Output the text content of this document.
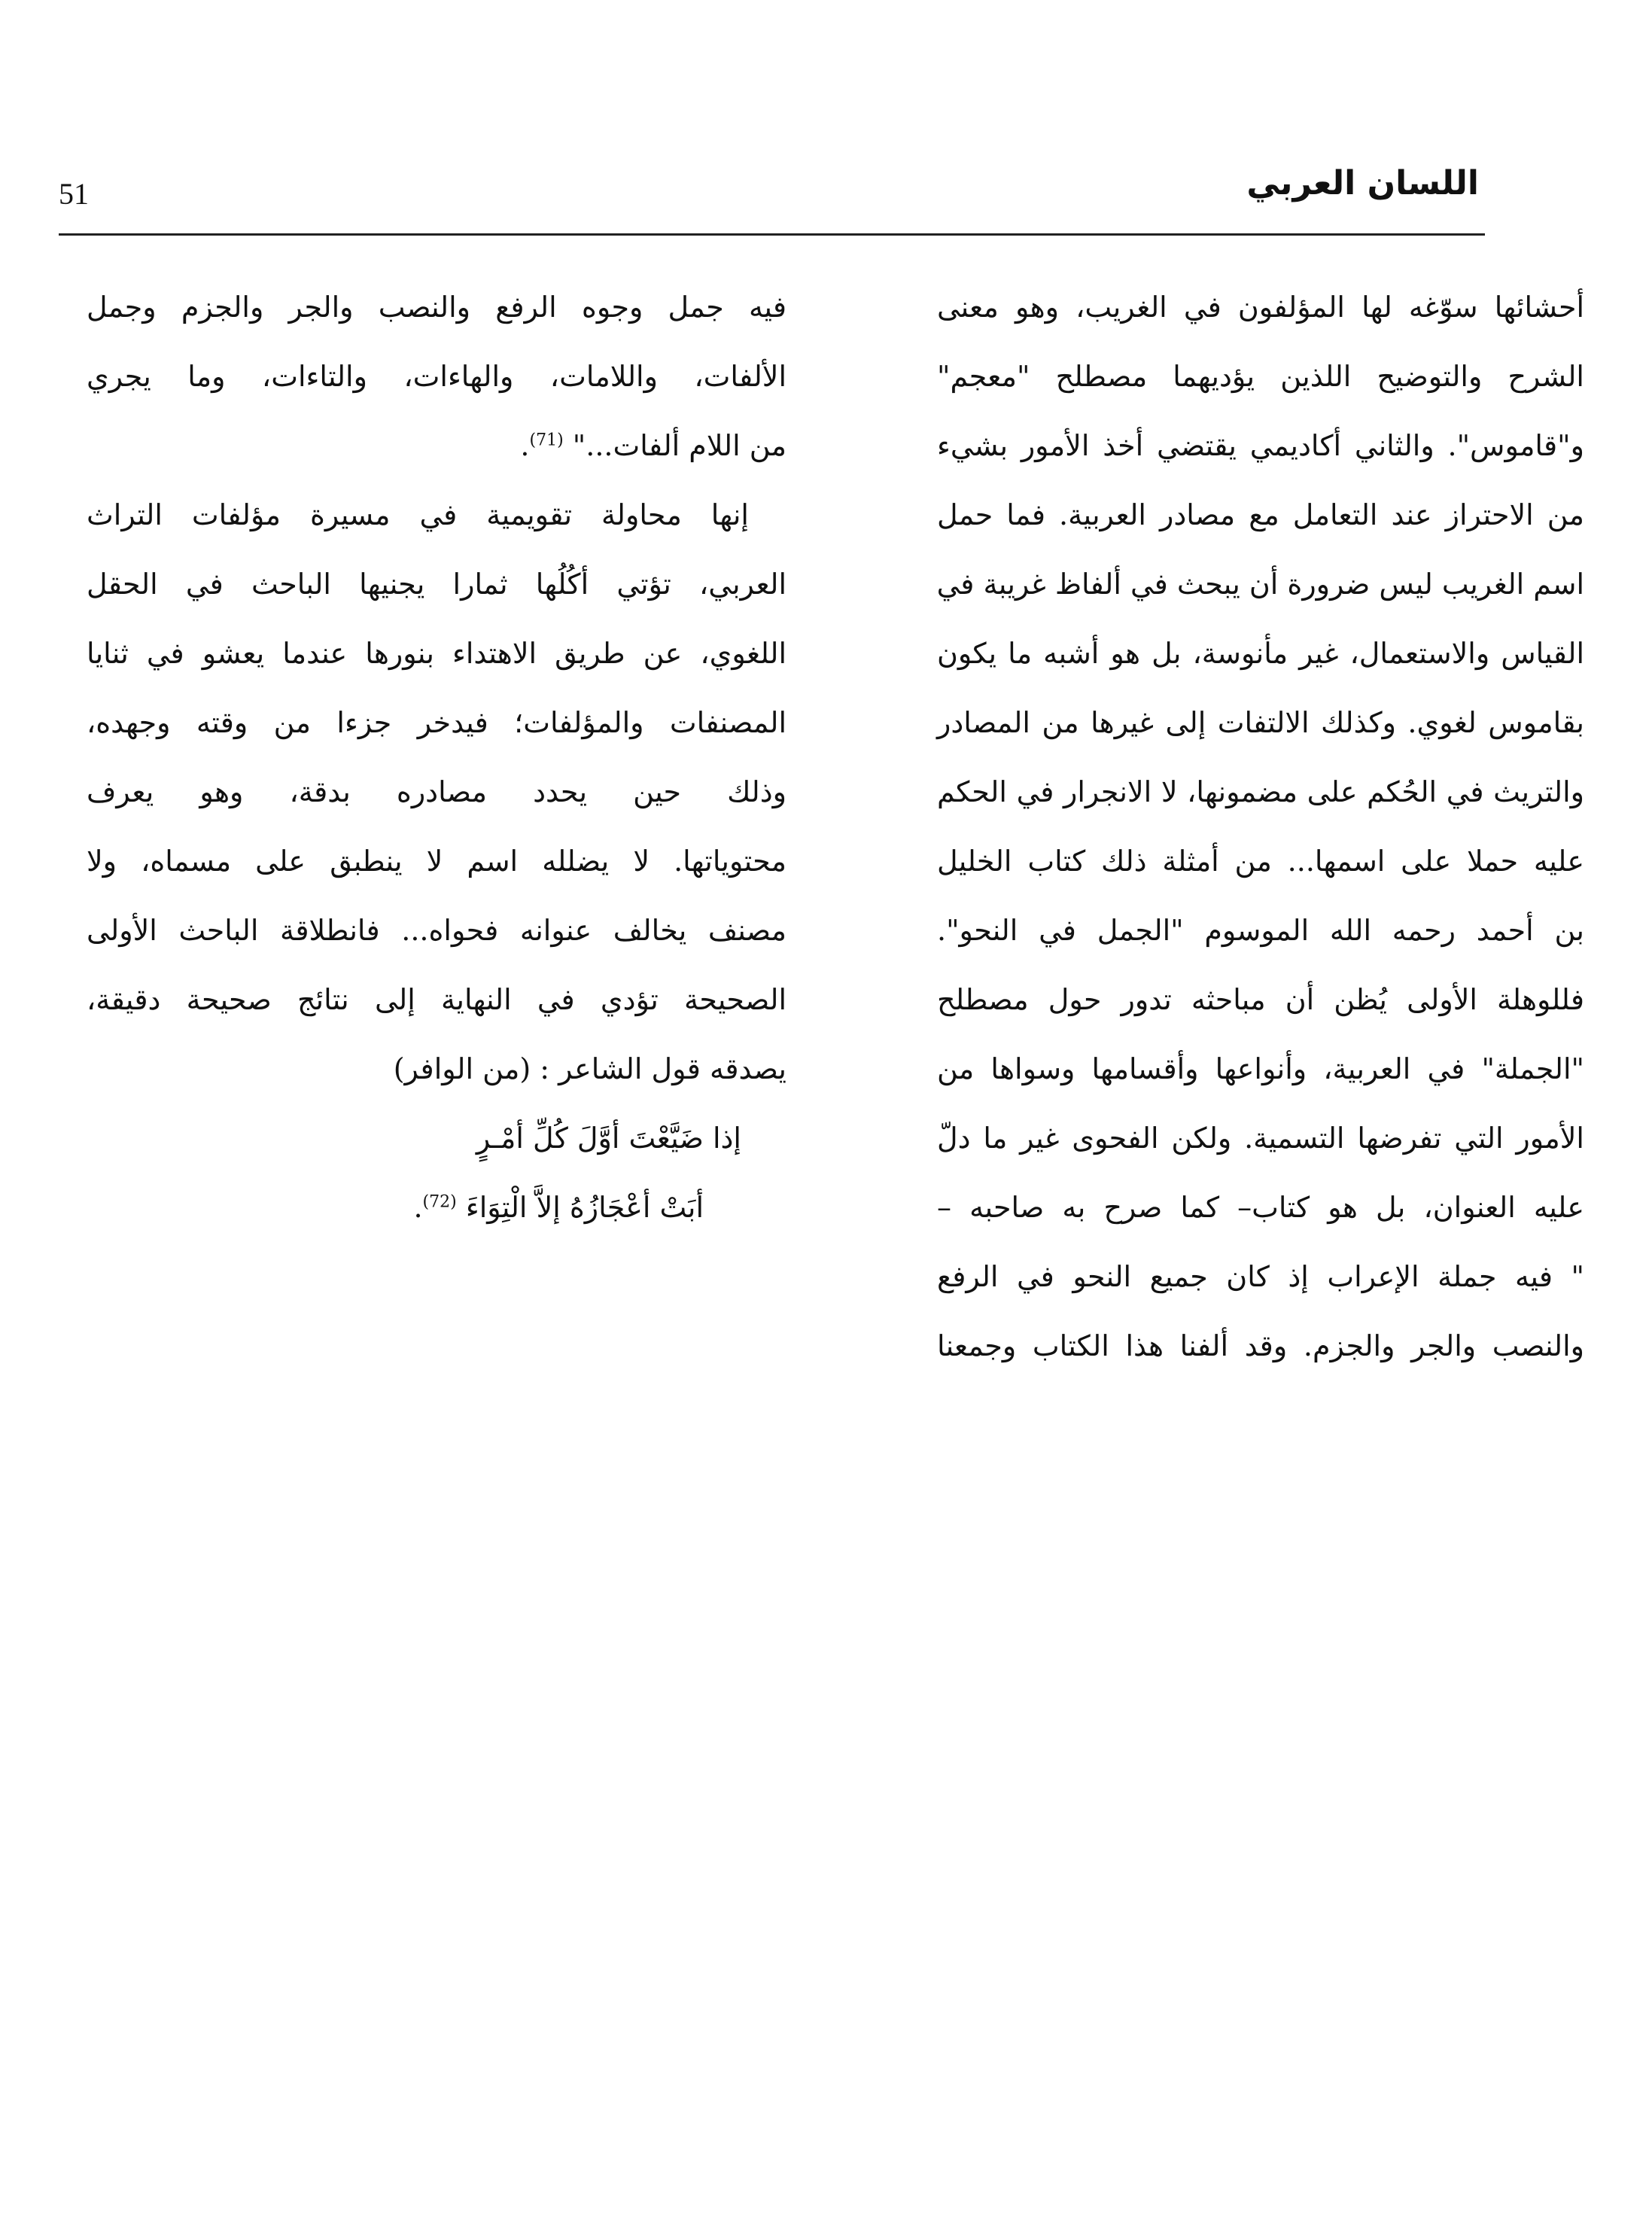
51	اللسان العربي
أحشائها سوّغه لها المؤلفون في الغريب، وهو معنى
الشرح والتوضيح اللذين يؤديهما مصطلح "معجم"
و"قاموس". والثاني أكاديمي يقتضي أخذ الأمور بشيء
من الاحتراز عند التعامل مع مصادر العربية. فما حمل
اسم الغريب ليس ضرورة أن يبحث في ألفاظ غريبة في
القياس والاستعمال، غير مأنوسة، بل هو أشبه ما يكون
بقاموس لغوي. وكذلك الالتفات إلى غيرها من المصادر
والتريث في الحُكم على مضمونها، لا الانجرار في الحكم
عليه حملا على اسمها... من أمثلة ذلك كتاب الخليل
بن أحمد رحمه الله الموسوم "الجمل في النحو".
فللوهلة الأولى يُظن أن مباحثه تدور حول مصطلح
"الجملة" في العربية، وأنواعها وأقسامها وسواها من
الأمور التي تفرضها التسمية. ولكن الفحوى غير ما دلّ
عليه العنوان، بل هو كتاب– كما صرح به صاحبه –
" فيه جملة الإعراب إذ كان جميع النحو في الرفع
والنصب والجر والجزم. وقد ألفنا هذا الكتاب وجمعنا
فيه جمل وجوه الرفع والنصب والجر والجزم وجمل
الألفات، واللامات، والهاءات، والتاءات، وما يجري
من اللام ألفات..." $^{(71)}$.
إنها محاولة تقويمية في مسيرة مؤلفات التراث
العربي، تؤتي أكُلُها ثمارا يجنيها الباحث في الحقل
اللغوي، عن طريق الاهتداء بنورها عندما يعشو في ثنايا
المصنفات والمؤلفات؛ فيدخر جزءا من وقته وجهده،
وذلك حين يحدد مصادره بدقة، وهو يعرف
محتوياتها. لا يضلله اسم لا ينطبق على مسماه، ولا
مصنف يخالف عنوانه فحواه... فانطلاقة الباحث الأولى
الصحيحة تؤدي في النهاية إلى نتائج صحيحة دقيقة،
يصدقه قول الشاعر : (من الوافر)
إذا ضَيَّعْتَ أوَّلَ كُلِّ أمْـرٍ
أبَتْ أعْجَازُهُ إلاَّ الْتِوَاءَ $^{(72)}$.
